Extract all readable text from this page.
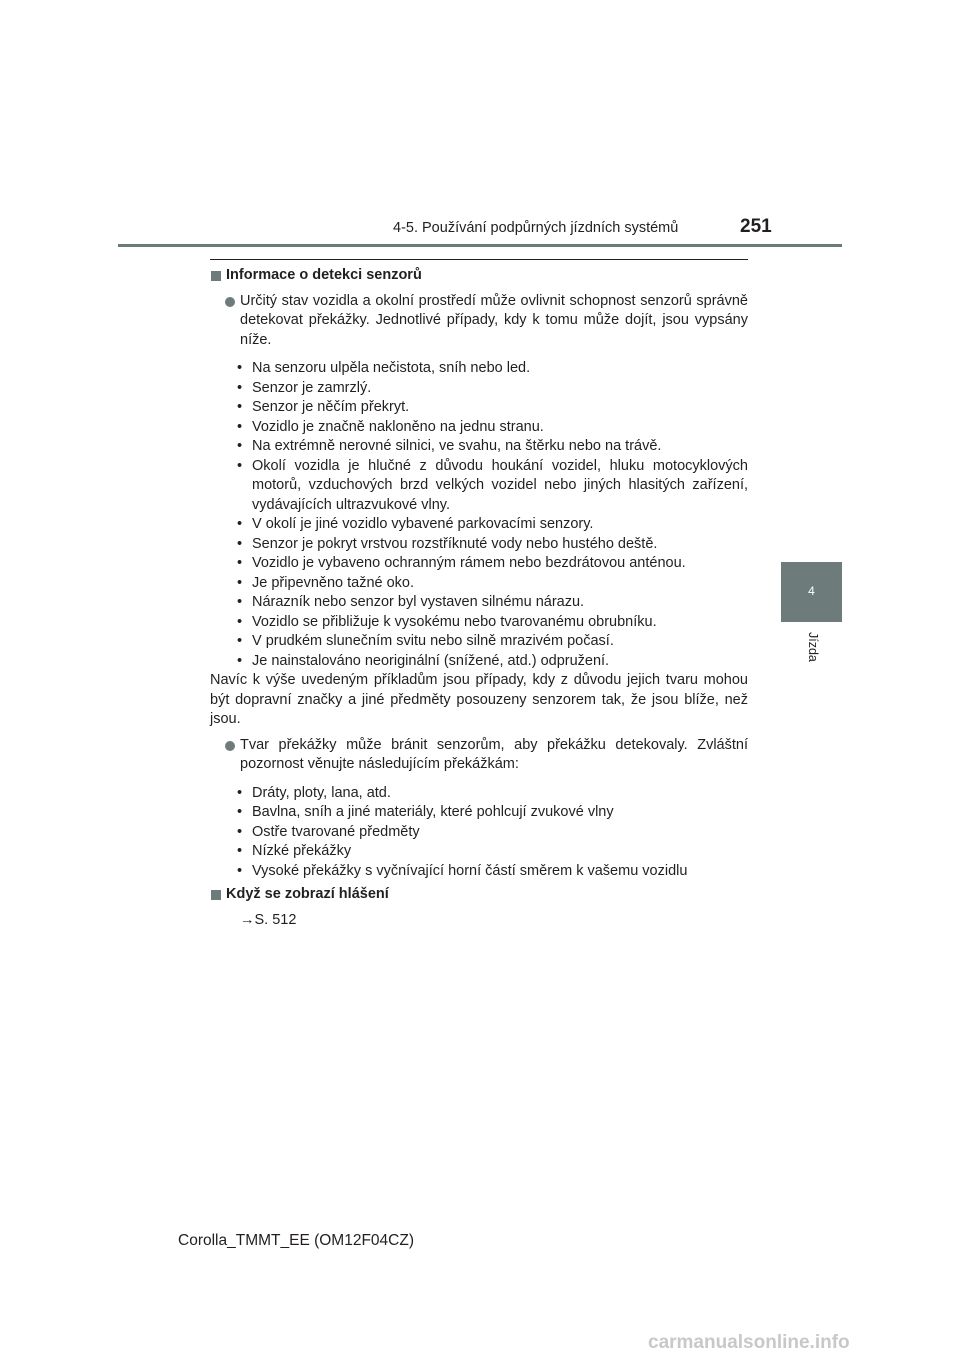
4-5. Používání podpůrných jízdních systémů	251
4
Jízda
Informace o detekci senzorů
Určitý stav vozidla a okolní prostředí může ovlivnit schopnost senzorů správně detekovat překážky. Jednotlivé případy, kdy k tomu může dojít, jsou vypsány níže.
• Na senzoru ulpěla nečistota, sníh nebo led.
• Senzor je zamrzlý.
• Senzor je něčím překryt.
• Vozidlo je značně nakloněno na jednu stranu.
• Na extrémně nerovné silnici, ve svahu, na štěrku nebo na trávě.
• Okolí vozidla je hlučné z důvodu houkání vozidel, hluku motocyklových motorů, vzduchových brzd velkých vozidel nebo jiných hlasitých zařízení, vydávajících ultrazvukové vlny.
• V okolí je jiné vozidlo vybavené parkovacími senzory.
• Senzor je pokryt vrstvou rozstříknuté vody nebo hustého deště.
• Vozidlo je vybaveno ochranným rámem nebo bezdrátovou anténou.
• Je připevněno tažné oko.
• Nárazník nebo senzor byl vystaven silnému nárazu.
• Vozidlo se přibližuje k vysokému nebo tvarovanému obrubníku.
• V prudkém slunečním svitu nebo silně mrazivém počasí.
• Je nainstalováno neoriginální (snížené, atd.) odpružení.
Navíc k výše uvedeným příkladům jsou případy, kdy z důvodu jejich tvaru mohou být dopravní značky a jiné předměty posouzeny senzorem tak, že jsou blíže, než jsou.
Tvar překážky může bránit senzorům, aby překážku detekovaly. Zvláštní pozornost věnujte následujícím překážkám:
• Dráty, ploty, lana, atd.
• Bavlna, sníh a jiné materiály, které pohlcují zvukové vlny
• Ostře tvarované předměty
• Nízké překážky
• Vysoké překážky s vyčnívající horní částí směrem k vašemu vozidlu
Když se zobrazí hlášení
→S. 512
Corolla_TMMT_EE (OM12F04CZ)
carmanualsonline.info
